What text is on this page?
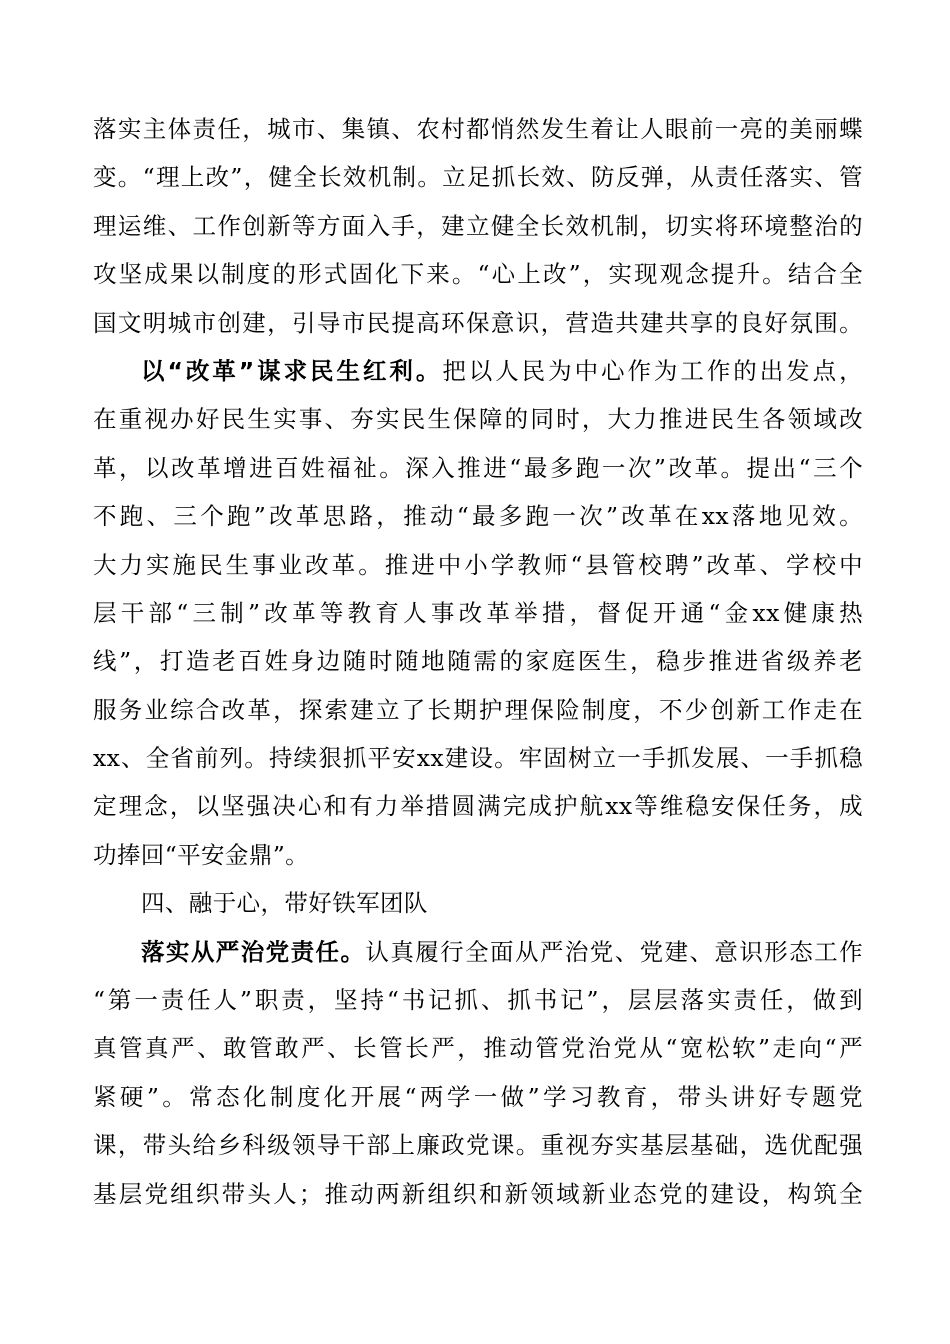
落实主体责任，城市、集镇、农村都悄然发生着让人眼前一亮的美丽蝶
变。“理上改”，健全长效机制。立足抓长效、防反弹，从责任落实、管
理运维、工作创新等方面入手，建立健全长效机制，切实将环境整治的
攻坚成果以制度的形式固化下来。“心上改”，实现观念提升。结合全
国文明城市创建，引导市民提高环保意识，营造共建共享的良好氛围。
以“改革”谋求民生红利。把以人民为中心作为工作的出发点，
在重视办好民生实事、夯实民生保障的同时，大力推进民生各领域改
革，以改革增进百姓福祉。深入推进“最多跑一次”改革。提出“三个
不跑、三个跑”改革思路，推动“最多跑一次”改革在xx落地见效。
大力实施民生事业改革。推进中小学教师“县管校聘”改革、学校中
层干部“三制”改革等教育人事改革举措，督促开通“金xx健康热
线”，打造老百姓身边随时随地随需的家庭医生，稳步推进省级养老
服务业综合改革，探索建立了长期护理保险制度，不少创新工作走在
xx、全省前列。持续狠抓平安xx建设。牢固树立一手抓发展、一手抓稳
定理念，以坚强决心和有力举措圆满完成护航xx等维稳安保任务，成
功捧回“平安金鼎”。
四、融于心，带好铁军团队
落实从严治党责任。认真履行全面从严治党、党建、意识形态工作
“第一责任人”职责，坚持“书记抓、抓书记”，层层落实责任，做到
真管真严、敢管敢严、长管长严，推动管党治党从“宽松软”走向“严
紧硬”。常态化制度化开展“两学一做”学习教育，带头讲好专题党
课，带头给乡科级领导干部上廉政党课。重视夯实基层基础，选优配强
基层党组织带头人；推动两新组织和新领域新业态党的建设，构筑全
